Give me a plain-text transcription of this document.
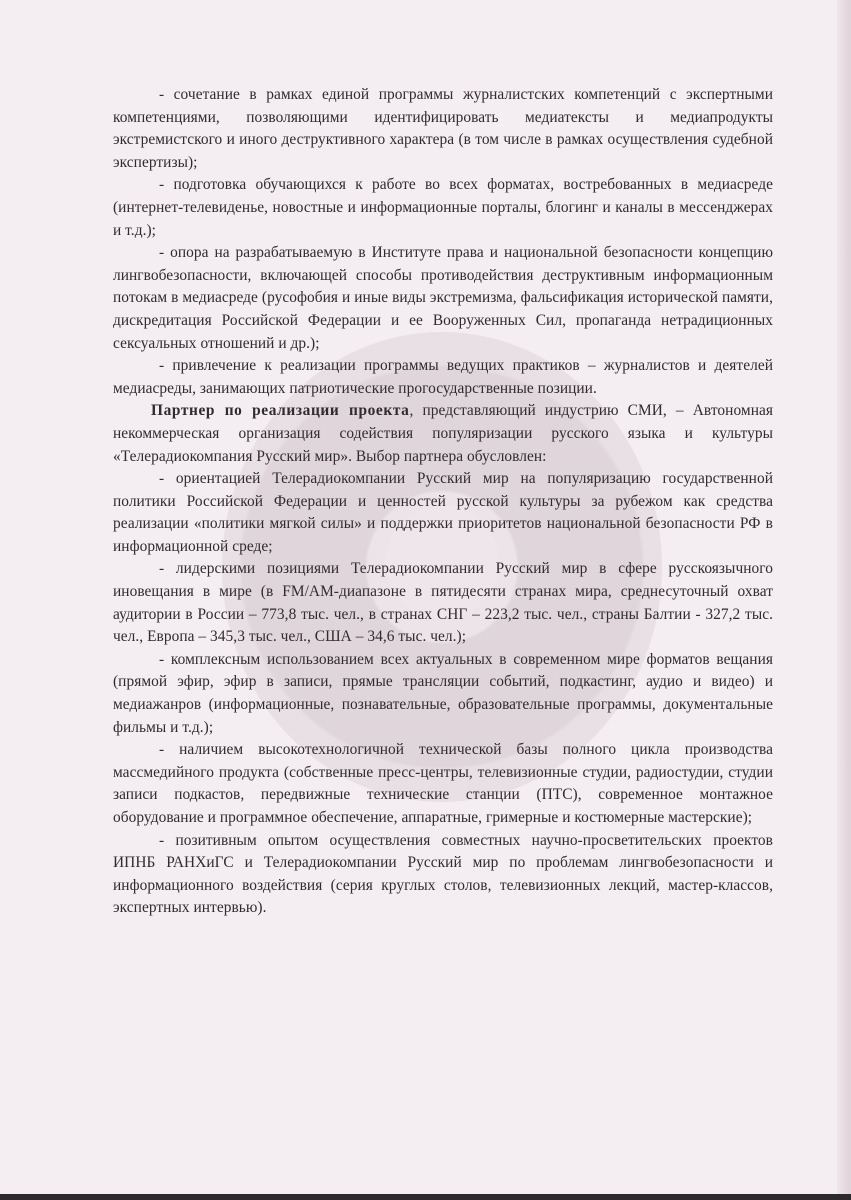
- сочетание в рамках единой программы журналистских компетенций с экспертными компетенциями, позволяющими идентифицировать медиатексты и медиапродукты экстремистского и иного деструктивного характера (в том числе в рамках осуществления судебной экспертизы);

- подготовка обучающихся к работе во всех форматах, востребованных в медиасреде (интернет-телевиденье, новостные и информационные порталы, блогинг и каналы в мессенджерах и т.д.);

- опора на разрабатываемую в Институте права и национальной безопасности концепцию лингвобезопасности, включающей способы противодействия деструктивным информационным потокам в медиасреде (русофобия и иные виды экстремизма, фальсификация исторической памяти, дискредитация Российской Федерации и ее Вооруженных Сил, пропаганда нетрадиционных сексуальных отношений и др.);

- привлечение к реализации программы ведущих практиков – журналистов и деятелей медиасреды, занимающих патриотические прогосударственные позиции.

Партнер по реализации проекта, представляющий индустрию СМИ, – Автономная некоммерческая организация содействия популяризации русского языка и культуры «Телерадиокомпания Русский мир». Выбор партнера обусловлен:

- ориентацией Телерадиокомпании Русский мир на популяризацию государственной политики Российской Федерации и ценностей русской культуры за рубежом как средства реализации «политики мягкой силы» и поддержки приоритетов национальной безопасности РФ в информационной среде;

- лидерскими позициями Телерадиокомпании Русский мир в сфере русскоязычного иновещания в мире (в FM/AM-диапазоне в пятидесяти странах мира, среднесуточный охват аудитории в России – 773,8 тыс. чел., в странах СНГ – 223,2 тыс. чел., страны Балтии - 327,2 тыс. чел., Европа – 345,3 тыс. чел., США – 34,6 тыс. чел.);

- комплексным использованием всех актуальных в современном мире форматов вещания (прямой эфир, эфир в записи, прямые трансляции событий, подкастинг, аудио и видео) и медиажанров (информационные, познавательные, образовательные программы, документальные фильмы и т.д.);

- наличием высокотехнологичной технической базы полного цикла производства массмедийного продукта (собственные пресс-центры, телевизионные студии, радиостудии, студии записи подкастов, передвижные технические станции (ПТС), современное монтажное оборудование и программное обеспечение, аппаратные, гримерные и костюмерные мастерские);

- позитивным опытом осуществления совместных научно-просветительских проектов ИПНБ РАНХиГС и Телерадиокомпании Русский мир по проблемам лингвобезопасности и информационного воздействия (серия круглых столов, телевизионных лекций, мастер-классов, экспертных интервью).
